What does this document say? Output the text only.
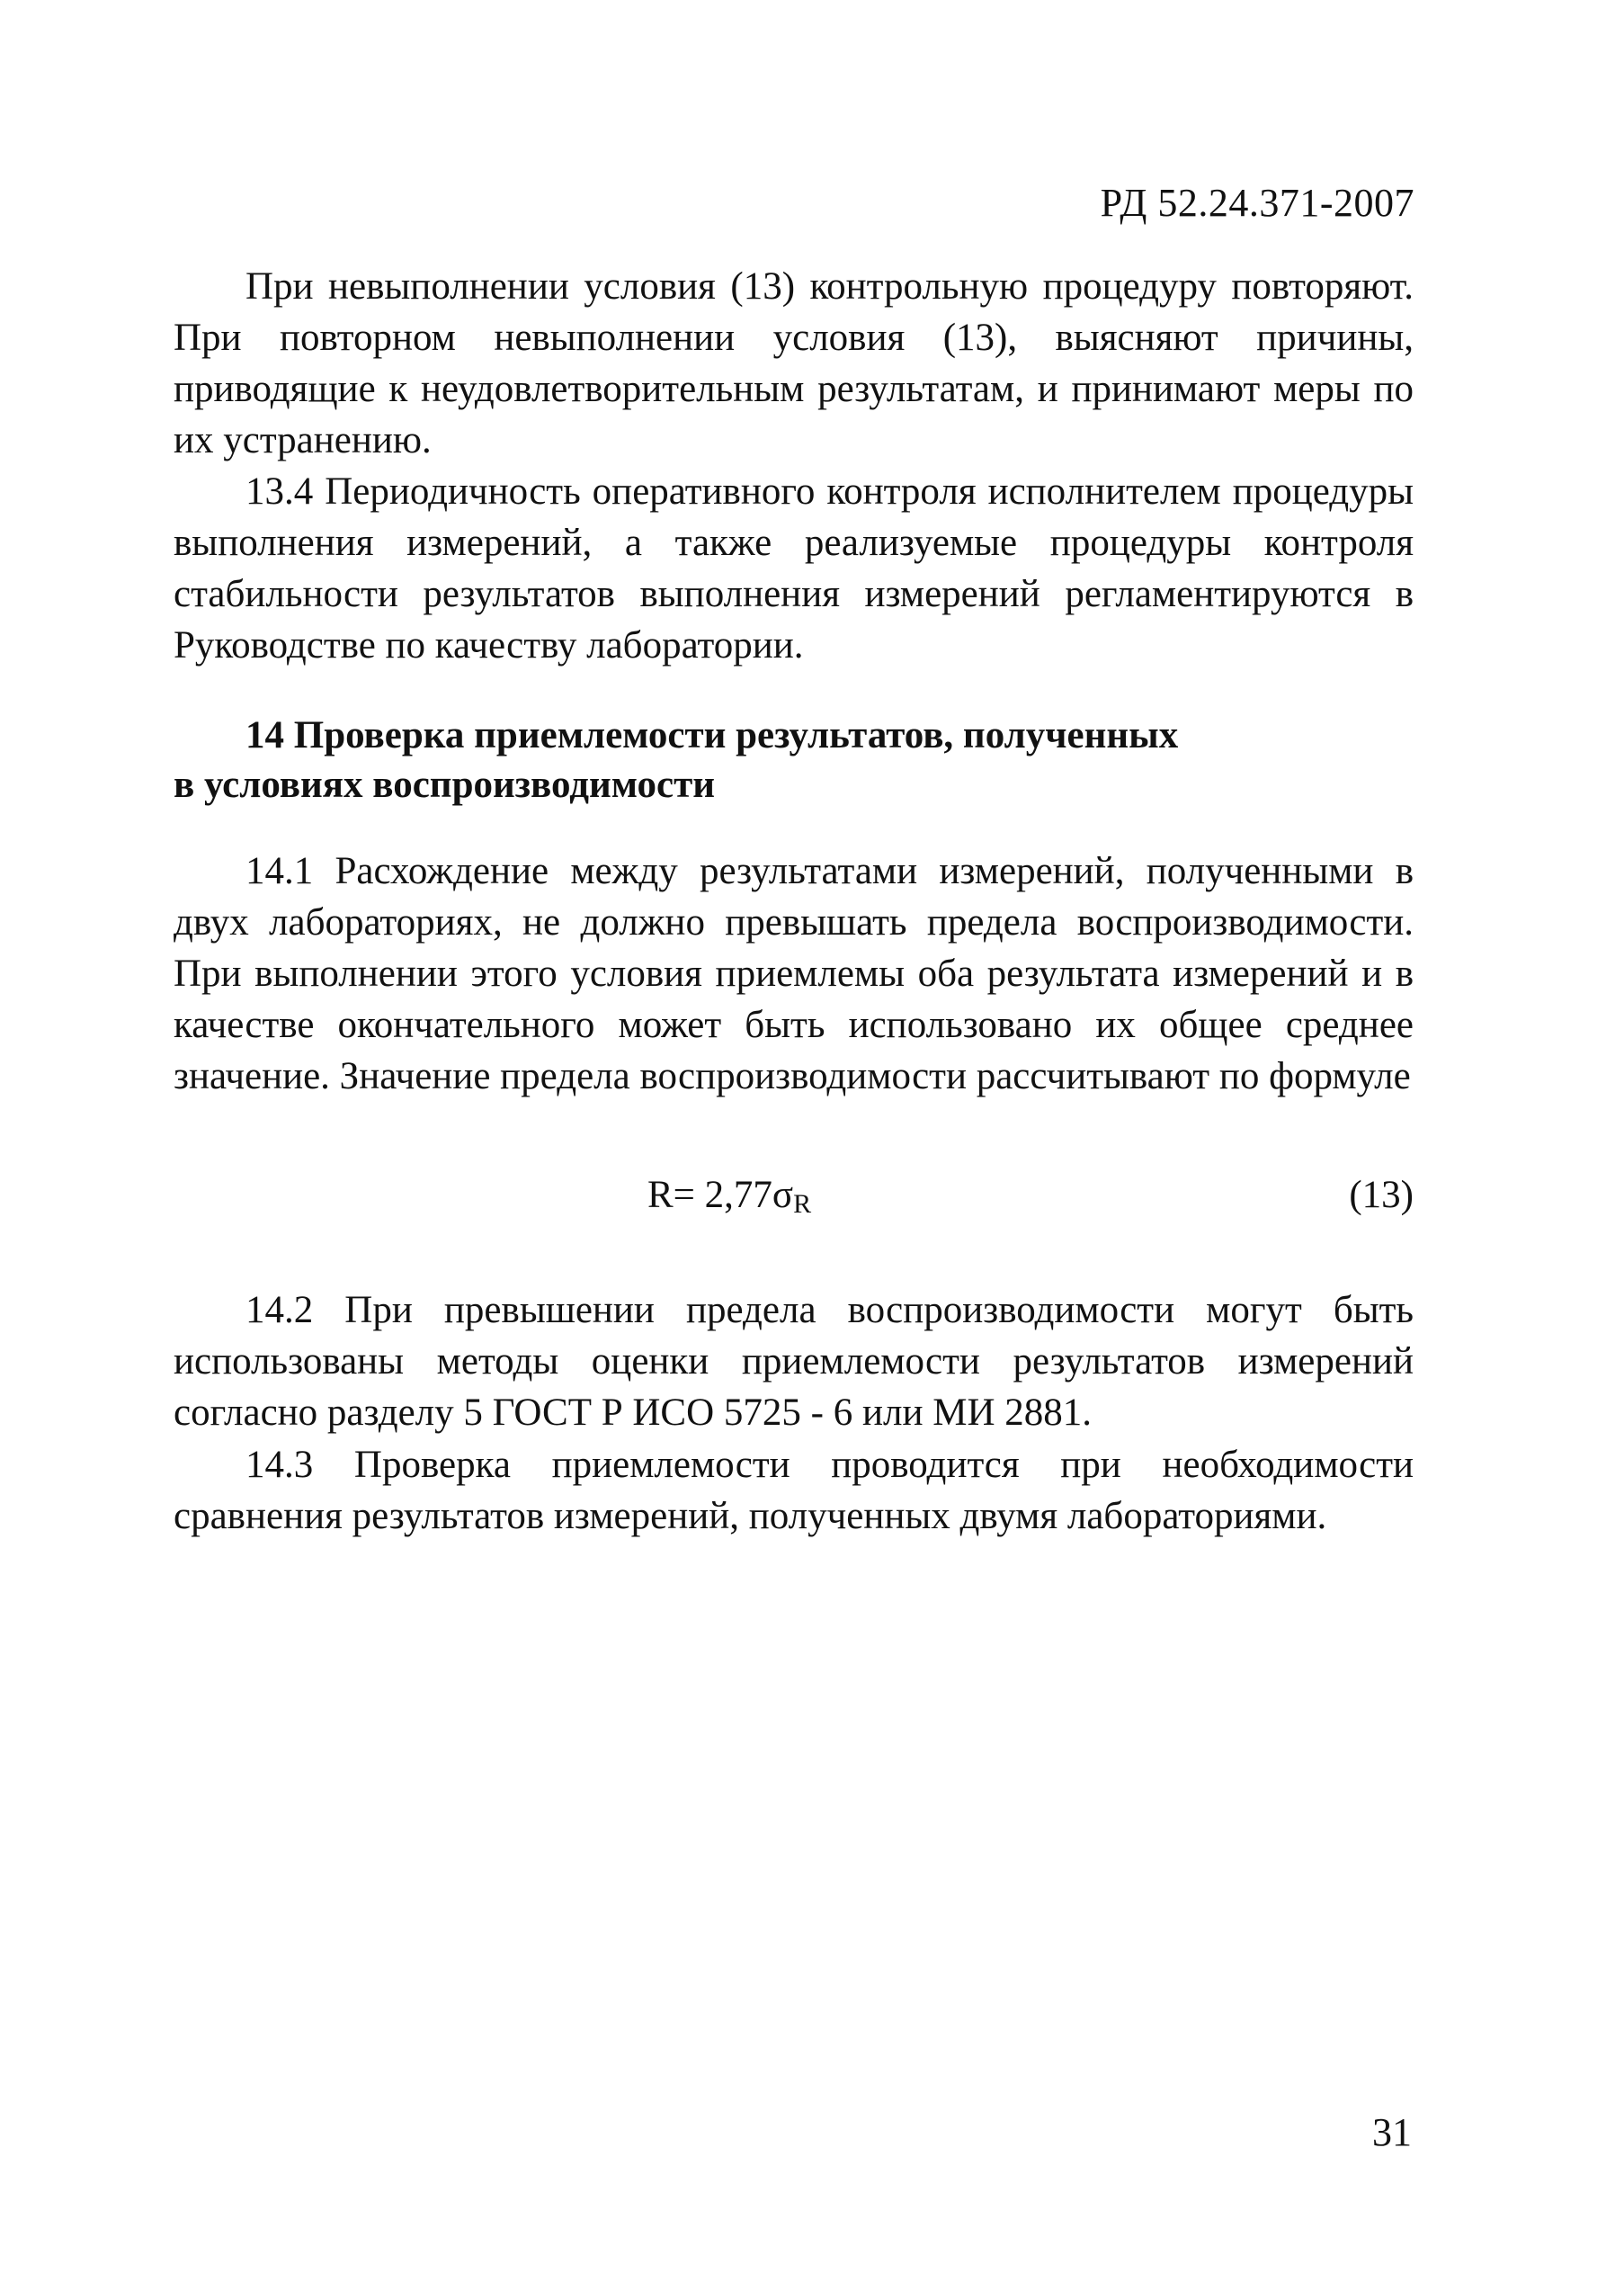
РД 52.24.371-2007

При невыполнении условия (13) контрольную процедуру повторяют. При повторном невыполнении условия (13), выясняют причины, приводящие к неудовлетворительным результатам, и принимают меры по их устранению.

13.4 Периодичность оперативного контроля исполнителем процедуры выполнения измерений, а также реализуемые процедуры контроля стабильности результатов выполнения измерений регламентируются в Руководстве по качеству лаборатории.

14 Проверка приемлемости результатов, полученных
в условиях воспроизводимости

14.1 Расхождение между результатами измерений, полученными в двух лабораториях, не должно превышать предела воспроизводимости. При выполнении этого условия приемлемы оба результата измерений и в качестве окончательного может быть использовано их общее среднее значение. Значение предела воспроизводимости рассчитывают по формуле

$R= 2,77\sigma_R$	(13)

14.2 При превышении предела воспроизводимости могут быть использованы методы оценки приемлемости результатов измерений согласно разделу 5 ГОСТ Р ИСО 5725 - 6 или МИ 2881.

14.3 Проверка приемлемости проводится при необходимости сравнения результатов измерений, полученных двумя лабораториями.

31
